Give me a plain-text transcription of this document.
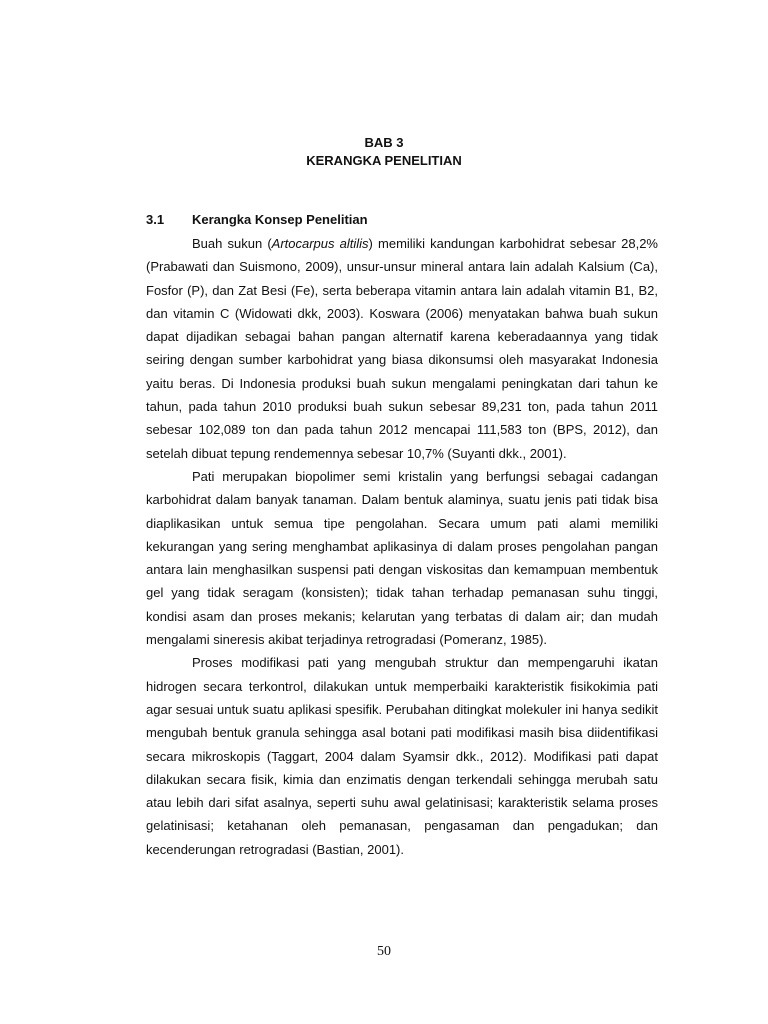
BAB 3
KERANGKA PENELITIAN
3.1 Kerangka Konsep Penelitian

Buah sukun (Artocarpus altilis) memiliki kandungan karbohidrat sebesar 28,2% (Prabawati dan Suismono, 2009), unsur-unsur mineral antara lain adalah Kalsium (Ca), Fosfor (P), dan Zat Besi (Fe), serta beberapa vitamin antara lain adalah vitamin B1, B2, dan vitamin C (Widowati dkk, 2003). Koswara (2006) menyatakan bahwa buah sukun dapat dijadikan sebagai bahan pangan alternatif karena keberadaannya yang tidak seiring dengan sumber karbohidrat yang biasa dikonsumsi oleh masyarakat Indonesia yaitu beras. Di Indonesia produksi buah sukun mengalami peningkatan dari tahun ke tahun, pada tahun 2010 produksi buah sukun sebesar 89,231 ton, pada tahun 2011 sebesar 102,089 ton dan pada tahun 2012 mencapai 111,583 ton (BPS, 2012), dan setelah dibuat tepung rendemennya sebesar 10,7% (Suyanti dkk., 2001).

Pati merupakan biopolimer semi kristalin yang berfungsi sebagai cadangan karbohidrat dalam banyak tanaman. Dalam bentuk alaminya, suatu jenis pati tidak bisa diaplikasikan untuk semua tipe pengolahan. Secara umum pati alami memiliki kekurangan yang sering menghambat aplikasinya di dalam proses pengolahan pangan antara lain menghasilkan suspensi pati dengan viskositas dan kemampuan membentuk gel yang tidak seragam (konsisten); tidak tahan terhadap pemanasan suhu tinggi, kondisi asam dan proses mekanis; kelarutan yang terbatas di dalam air; dan mudah mengalami sineresis akibat terjadinya retrogradasi (Pomeranz, 1985).

Proses modifikasi pati yang mengubah struktur dan mempengaruhi ikatan hidrogen secara terkontrol, dilakukan untuk memperbaiki karakteristik fisikokimia pati agar sesuai untuk suatu aplikasi spesifik. Perubahan ditingkat molekuler ini hanya sedikit mengubah bentuk granula sehingga asal botani pati modifikasi masih bisa diidentifikasi secara mikroskopis (Taggart, 2004 dalam Syamsir dkk., 2012). Modifikasi pati dapat dilakukan secara fisik, kimia dan enzimatis dengan terkendali sehingga merubah satu atau lebih dari sifat asalnya, seperti suhu awal gelatinisasi; karakteristik selama proses gelatinisasi; ketahanan oleh pemanasan, pengasaman dan pengadukan; dan kecenderungan retrogradasi (Bastian, 2001).

50
